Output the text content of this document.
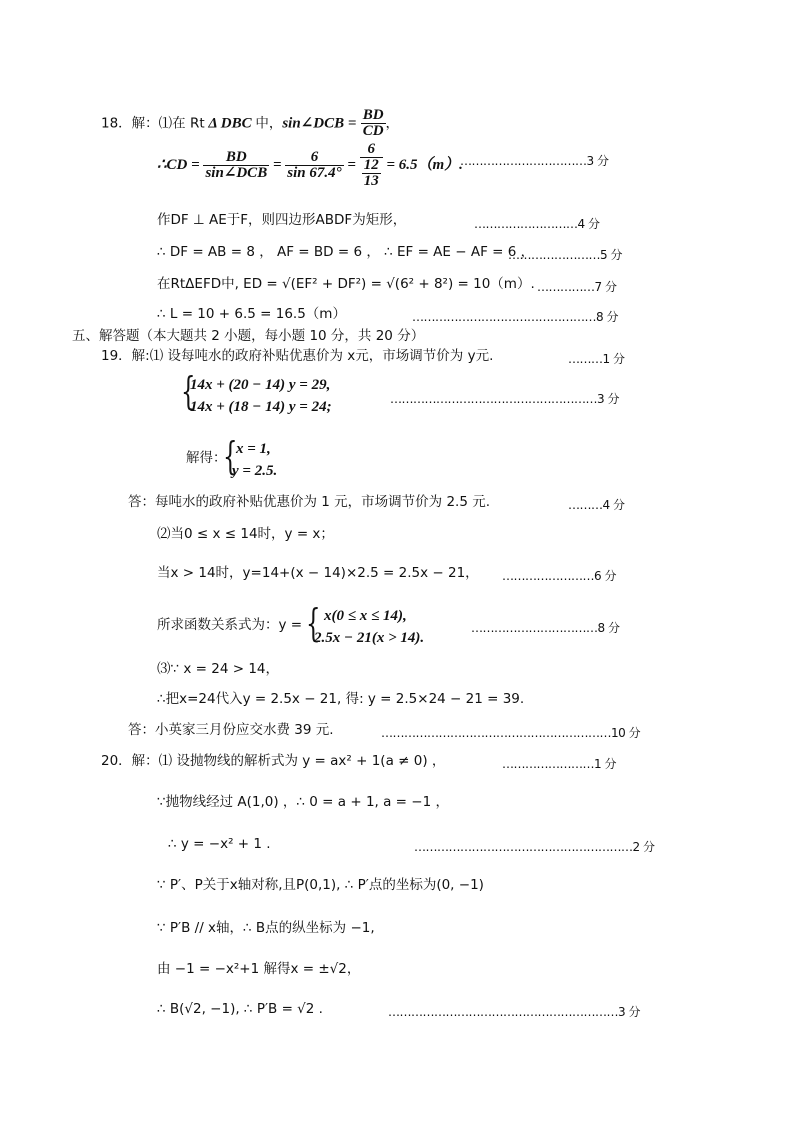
18．解：⑴在 Rt Δ DBC 中，sin∠DCB = $\frac{BD}{CD}$ ，
∴CD = $\frac{BD}{\text{sin∠DCB}} = \frac{6}{\sin 67.4^\circ} = \frac{6}{\frac{12}{13}} = 6.5(m)$.
……………………………3 分
作DF ⊥ AE于F，则四边形ABDF为矩形，	………………………4 分
∴ DF = AB = 8 ， AF = BD = 6 ， ∴ EF = AE − AF = 6 ，
……………………5 分
在RtΔEFD中, ED = √(EF² + DF²) = √(6² + 8²) = 10（m）. ……………7 分
∴ L = 10 + 6.5 = 16.5（m）	…………………………………………8 分
五、解答题（本大题共 2 小题，每小题 10 分，共 20 分）
19．解:⑴ 设每吨水的政府补贴优惠价为 x元，市场调节价为 y元.	………1 分
{
14x + (20 − 14) y = 29,
14x + (18 − 14) y = 24;	………………………………………………3 分
解得：
{
x = 1,
y = 2.5.
答：每吨水的政府补贴优惠价为 1 元，市场调节价为 2.5 元.	………4 分
⑵当0 ≤ x ≤ 14时，y = x；
当x > 14时，y=14+(x − 14)×2.5 = 2.5x − 21， ……………………6 分
所求函数关系式为：y = { x(0 ≤ x ≤ 14),
2.5x − 21(x > 14).
……………………………8 分
⑶∵ x = 24 > 14，
∴把x=24代入y = 2.5x − 21, 得: y = 2.5×24 − 21 = 39.
答：小英家三月份应交水费 39 元.	……………………………………………………10 分
20．解：⑴ 设抛物线的解析式为 y = ax² + 1(a ≠ 0) ，	……………………1 分
∵抛物线经过 A(1,0) ，∴ 0 = a + 1, a = −1 ，
∴ y = −x² + 1 .	…………………………………………………2 分
∵ P′、P关于x轴对称,且P(0,1), ∴ P′点的坐标为(0, −1)
∵ P′B // x轴，∴ B点的纵坐标为 −1,
由 −1 = −x²+1 解得x = ±√2，
∴ B(√2, −1), ∴ P′B = √2 .	……………………………………………………3 分
